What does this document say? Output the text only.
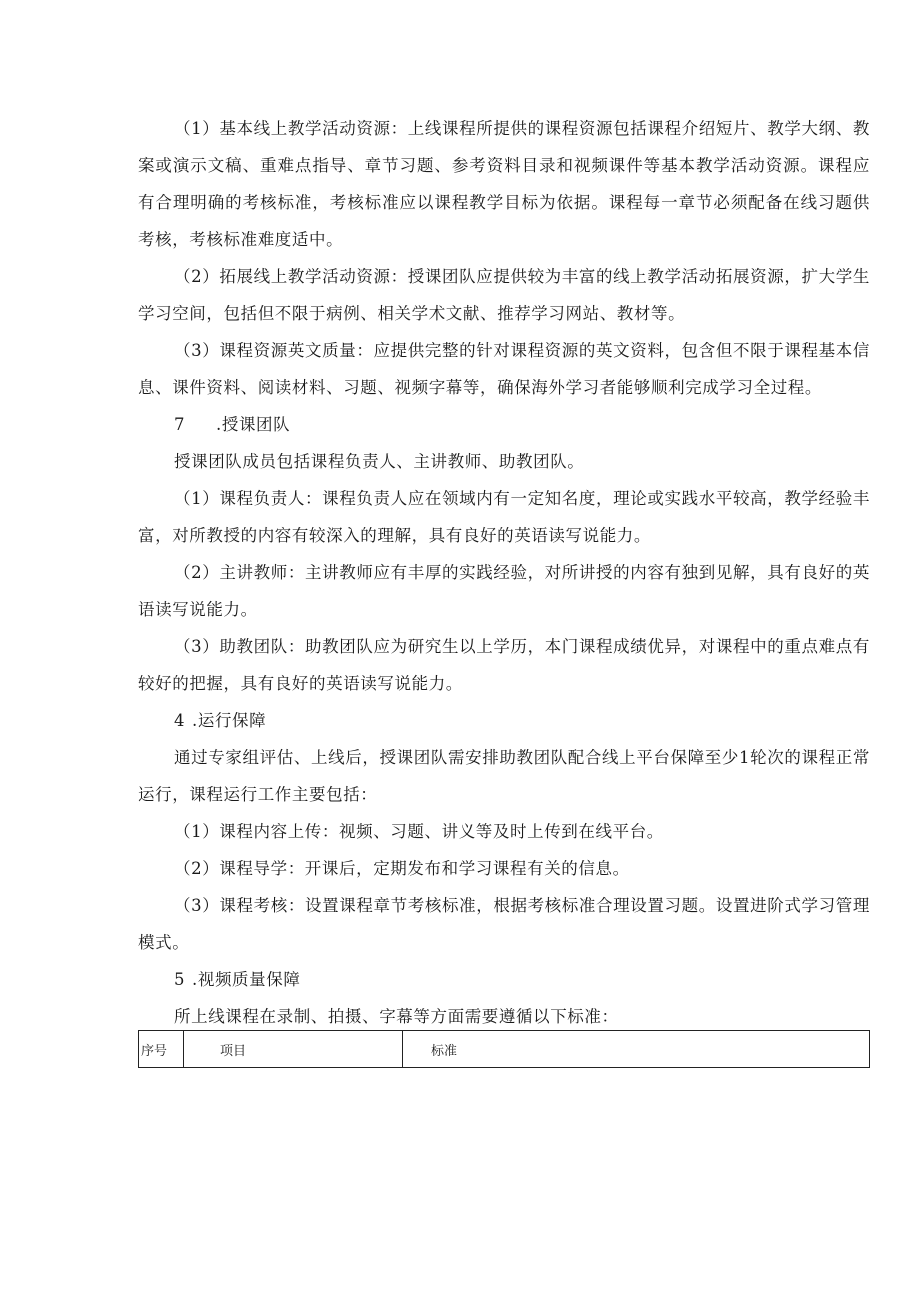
（1）基本线上教学活动资源：上线课程所提供的课程资源包括课程介绍短片、教学大纲、教案或演示文稿、重难点指导、章节习题、参考资料目录和视频课件等基本教学活动资源。课程应有合理明确的考核标准，考核标准应以课程教学目标为依据。课程每一章节必须配备在线习题供考核，考核标准难度适中。

（2）拓展线上教学活动资源：授课团队应提供较为丰富的线上教学活动拓展资源，扩大学生学习空间，包括但不限于病例、相关学术文献、推荐学习网站、教材等。

（3）课程资源英文质量：应提供完整的针对课程资源的英文资料，包含但不限于课程基本信息、课件资料、阅读材料、习题、视频字幕等，确保海外学习者能够顺利完成学习全过程。

7 .授课团队

授课团队成员包括课程负责人、主讲教师、助教团队。

（1）课程负责人：课程负责人应在领域内有一定知名度，理论或实践水平较高，教学经验丰富，对所教授的内容有较深入的理解，具有良好的英语读写说能力。

（2）主讲教师：主讲教师应有丰厚的实践经验，对所讲授的内容有独到见解，具有良好的英语读写说能力。

（3）助教团队：助教团队应为研究生以上学历，本门课程成绩优异，对课程中的重点难点有较好的把握，具有良好的英语读写说能力。

4 .运行保障

通过专家组评估、上线后，授课团队需安排助教团队配合线上平台保障至少1轮次的课程正常运行，课程运行工作主要包括：

（1）课程内容上传：视频、习题、讲义等及时上传到在线平台。

（2）课程导学：开课后，定期发布和学习课程有关的信息。

（3）课程考核：设置课程章节考核标准，根据考核标准合理设置习题。设置进阶式学习管理模式。

5 .视频质量保障

所上线课程在录制、拍摄、字幕等方面需要遵循以下标准：

序号	项目	标准
